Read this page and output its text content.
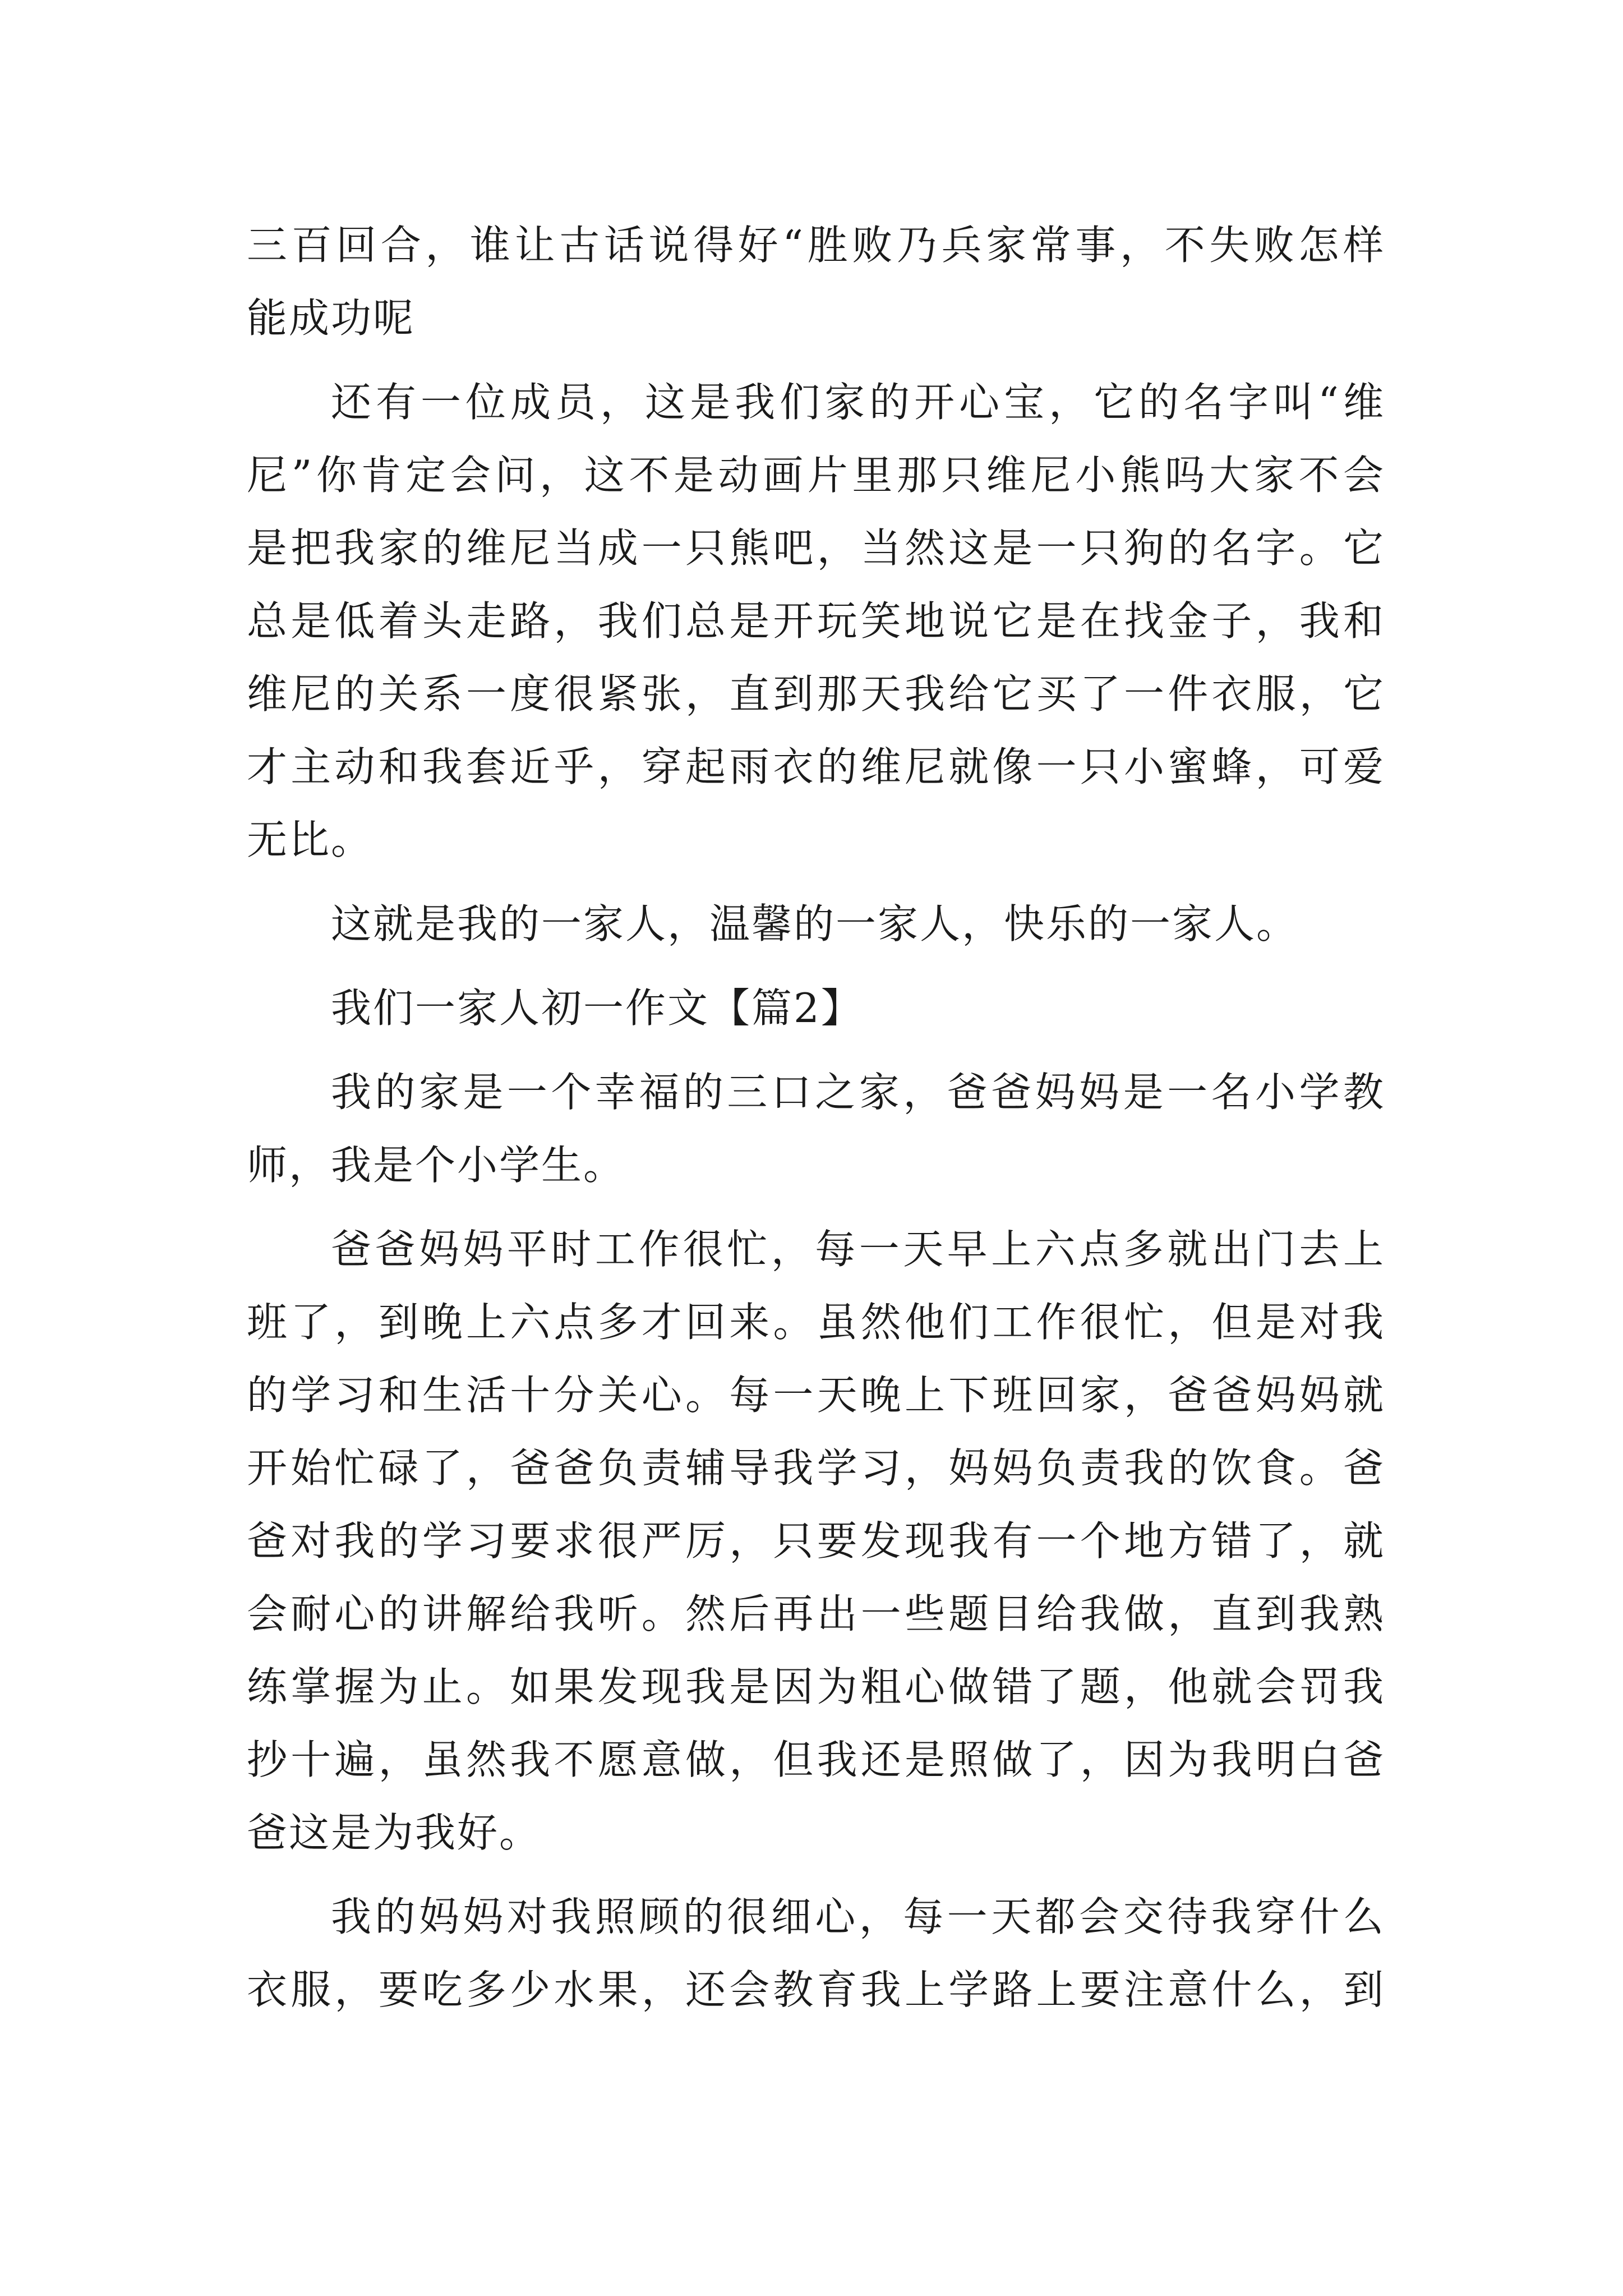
三百回合，谁让古话说得好“胜败乃兵家常事，不失败怎样
能成功呢
还有一位成员，这是我们家的开心宝，它的名字叫“维
尼”你肯定会问，这不是动画片里那只维尼小熊吗大家不会
是把我家的维尼当成一只熊吧，当然这是一只狗的名字。它
总是低着头走路，我们总是开玩笑地说它是在找金子，我和
维尼的关系一度很紧张，直到那天我给它买了一件衣服，它
才主动和我套近乎，穿起雨衣的维尼就像一只小蜜蜂，可爱
无比。
这就是我的一家人，温馨的一家人，快乐的一家人。
我们一家人初一作文【篇2】
我的家是一个幸福的三口之家，爸爸妈妈是一名小学教
师，我是个小学生。
爸爸妈妈平时工作很忙，每一天早上六点多就出门去上
班了，到晚上六点多才回来。虽然他们工作很忙，但是对我
的学习和生活十分关心。每一天晚上下班回家，爸爸妈妈就
开始忙碌了，爸爸负责辅导我学习，妈妈负责我的饮食。爸
爸对我的学习要求很严厉，只要发现我有一个地方错了，就
会耐心的讲解给我听。然后再出一些题目给我做，直到我熟
练掌握为止。如果发现我是因为粗心做错了题，他就会罚我
抄十遍，虽然我不愿意做，但我还是照做了，因为我明白爸
爸这是为我好。
我的妈妈对我照顾的很细心，每一天都会交待我穿什么
衣服，要吃多少水果，还会教育我上学路上要注意什么，到
